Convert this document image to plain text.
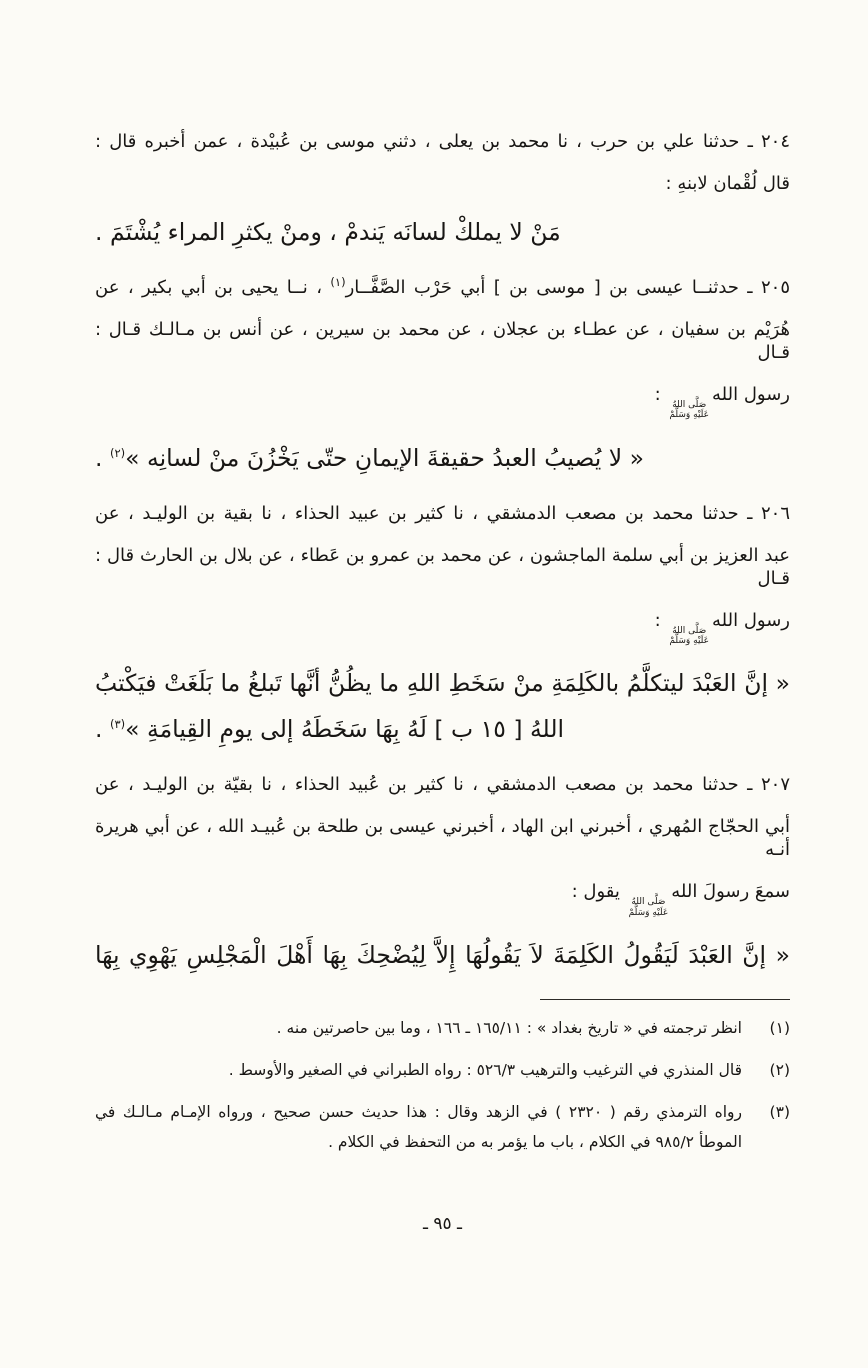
٢٠٤ ـ حدثنا علي بن حرب ، نا محمد بن يعلى ، دثني موسى بن عُبيْدة ، عمن أخبره قال :

قال لُقْمان لابنهِ :

مَنْ لا يملكْ لسانَه يَندمْ ، ومنْ يكثرِ المراء يُشْتَمَ .

٢٠٥ ـ حدثنــا عيسى بن [ موسى بن ] أبي حَرْب الصَّفَّــار$^{(١)}$ ، نــا يحيى بن أبي بكير ، عن

هُرَيْم بن سفيان ، عن عطـاء بن عجلان ، عن محمد بن سيرين ، عن أنس بن مـالـك قـال : قـال

رسول الله
صَلَّى اللهُ
عَلَيْهِ وَسَلَّمْ
:

« لا يُصيبُ العبدُ حقيقةَ الإيمانِ حتّى يَخْزُنَ منْ لسانِه »$^{(٢)}$ .

٢٠٦ ـ حدثنا محمد بن مصعب الدمشقي ، نا كثير بن عبيد الحذاء ، نا بقية بن الوليـد ، عن

عبد العزيز بن أبي سلمة الماجشون ، عن محمد بن عمرو بن عَطاء ، عن بلال بن الحارث قال : قـال

رسول الله
صَلَّى اللهُ
عَلَيْهِ وَسَلَّمْ
:

« إنَّ العَبْدَ ليتكلَّمُ بالكَلِمَةِ منْ سَخَطِ اللهِ ما يظُنُّ أنَّها تَبلغُ ما بَلَغَتْ فيَكْتبُ

اللهُ [ ١٥ ب ] لَهُ بِهَا سَخَطَهُ إلى يومِ القِيامَةِ »$^{(٣)}$ .

٢٠٧ ـ حدثنا محمد بن مصعب الدمشقي ، نا كثير بن عُبيد الحذاء ، نا بقيّة بن الوليـد ، عن

أبي الحجّاج المُهري ، أخبرني ابن الهاد ، أخبرني عيسى بن طلحة بن عُبيـد الله ، عن أبي هريرة أنـه

سمعَ رسولَ الله
صَلَّى اللهُ
عَلَيْهِ وَسَلَّمْ
يقول :

« إنَّ العَبْدَ لَيَقُولُ الكَلِمَةَ لاَ يَقُولُهَا إِلاَّ لِيُضْحِكَ بِهَا أَهْلَ الْمَجْلِسِ يَهْوِي بِهَا

(١)

انظر ترجمته في « تاريخ بغداد » : ١٦٥/١١ ـ ١٦٦ ، وما بين حاصرتين منه .

(٢)

قال المنذري في الترغيب والترهيب ٥٢٦/٣ : رواه الطبراني في الصغير والأوسط .

(٣)

رواه الترمذي رقم ( ٢٣٢٠ ) في الزهد وقال : هذا حديث حسن صحيح ، ورواه الإمـام مـالـك في

الموطأ ٩٨٥/٢ في الكلام ، باب ما يؤمر به من التحفظ في الكلام .

ـ ٩٥ ـ
